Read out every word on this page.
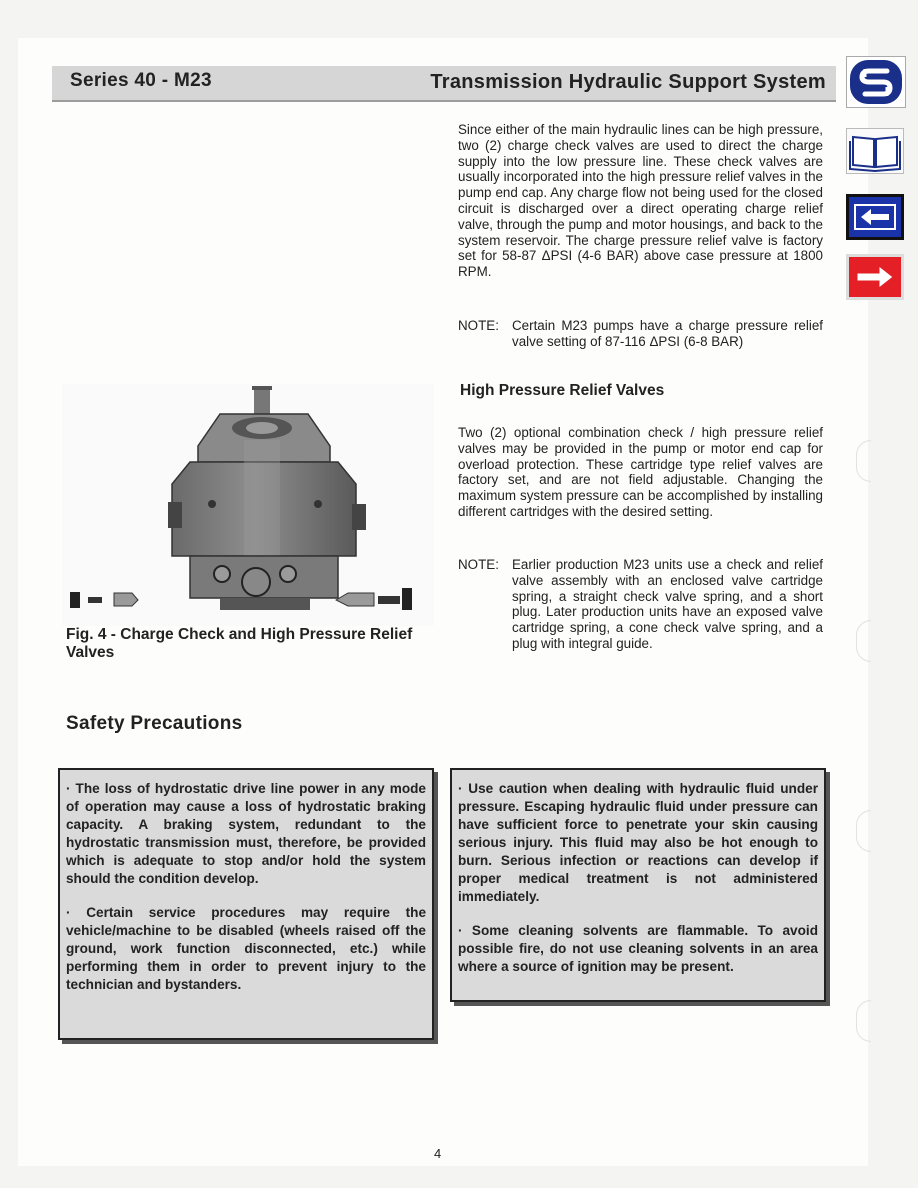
Series 40 - M23	Transmission Hydraulic Support System
Since either of the main hydraulic lines can be high pressure, two (2) charge check valves are used to direct the charge supply into the low pressure line. These check valves are usually incorporated into the high pressure relief valves in the pump end cap. Any charge flow not being used for the closed circuit is discharged over a direct operating charge relief valve, through the pump and motor housings, and back to the system reservoir. The charge pressure relief valve is factory set for 58-87 ΔPSI (4-6 BAR) above case pressure at 1800 RPM.
NOTE: Certain M23 pumps have a charge pressure relief valve setting of 87-116 ΔPSI (6-8 BAR)
High Pressure Relief Valves
Two (2) optional combination check / high pressure relief valves may be provided in the pump or motor end cap for overload protection. These cartridge type relief valves are factory set, and are not field adjustable. Changing the maximum system pressure can be accomplished by installing different cartridges with the desired setting.
NOTE: Earlier production M23 units use a check and relief valve assembly with an enclosed valve cartridge spring, a straight check valve spring, and a short plug. Later production units have an exposed valve cartridge spring, a cone check valve spring, and a plug with integral guide.
Fig. 4 - Charge Check and High Pressure Relief Valves
Safety Precautions

· The loss of hydrostatic drive line power in any mode of operation may cause a loss of hydrostatic braking capacity. A braking system, redundant to the hydrostatic transmission must, therefore, be provided which is adequate to stop and/or hold the system should the condition develop.

· Certain service procedures may require the vehicle/machine to be disabled (wheels raised off the ground, work function disconnected, etc.) while performing them in order to prevent injury to the technician and bystanders.

· Use caution when dealing with hydraulic fluid under pressure. Escaping hydraulic fluid under pressure can have sufficient force to penetrate your skin causing serious injury. This fluid may also be hot enough to burn. Serious infection or reactions can develop if proper medical treatment is not administered immediately.

· Some cleaning solvents are flammable. To avoid possible fire, do not use cleaning solvents in an area where a source of ignition may be present.

4
